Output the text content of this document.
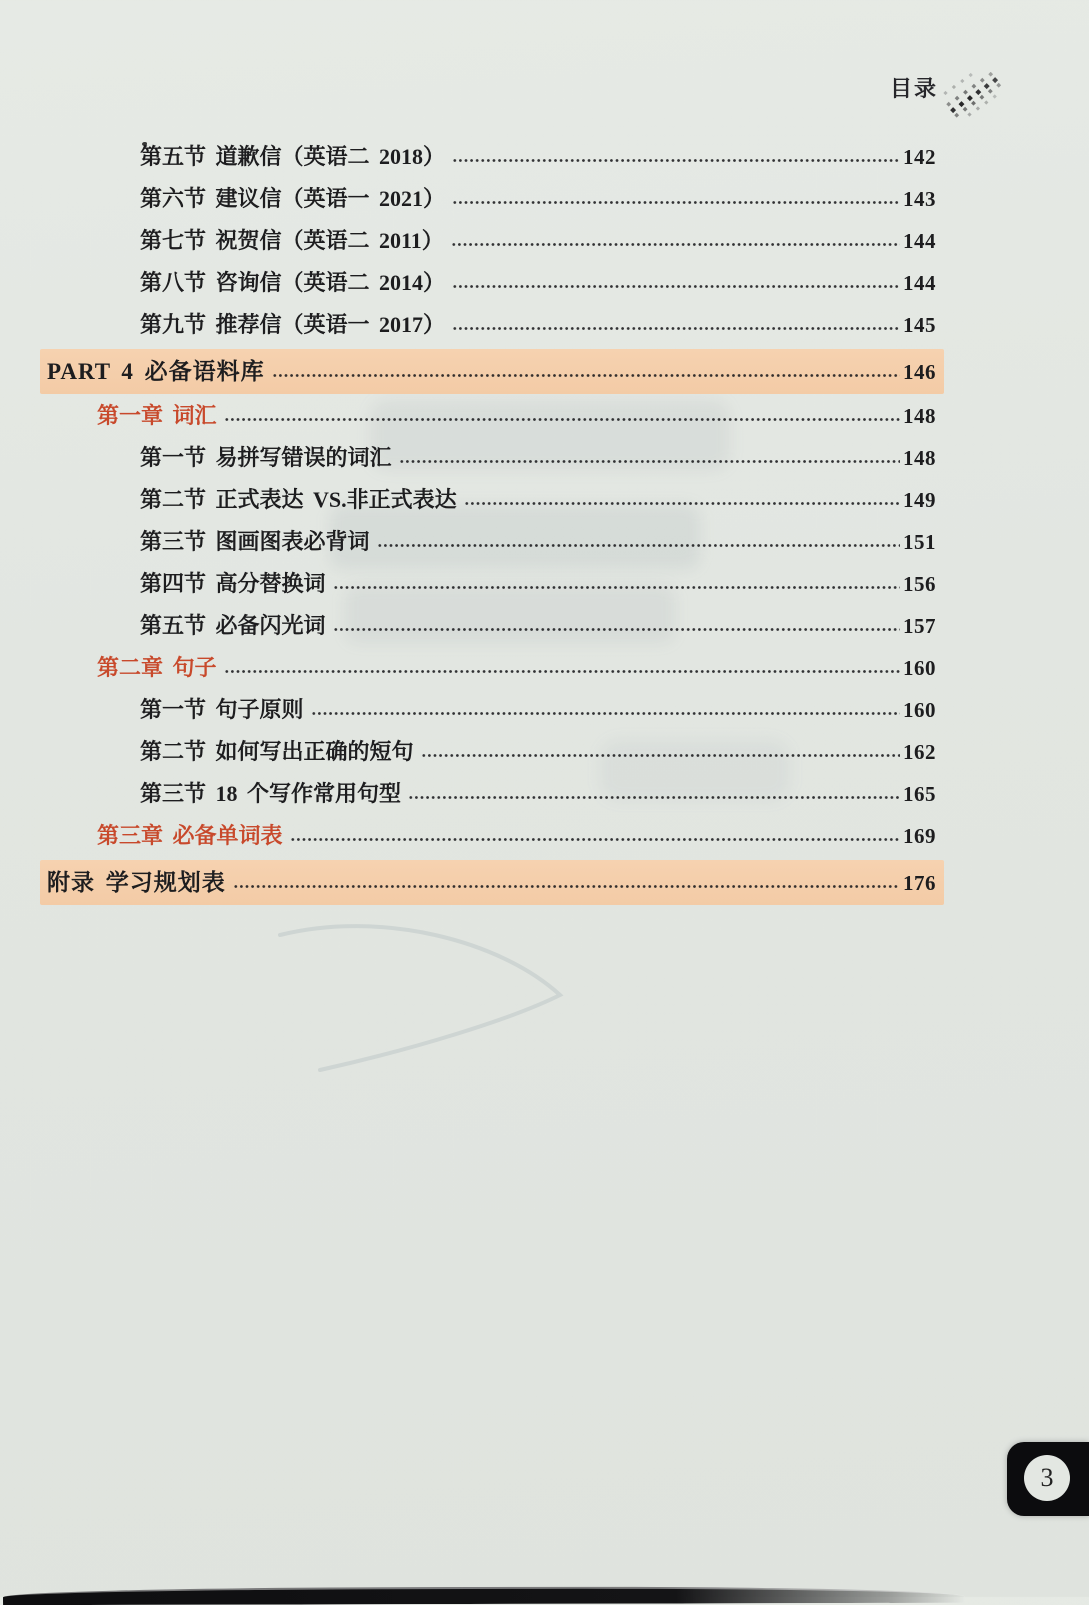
目录
第五节 道歉信（英语二 2018）	142
第六节 建议信（英语一 2021）	143
第七节 祝贺信（英语二 2011）	144
第八节 咨询信（英语二 2014）	144
第九节 推荐信（英语一 2017）	145
PART 4 必备语料库	146
第一章 词汇	148
第一节 易拼写错误的词汇	148
第二节 正式表达 VS.非正式表达	149
第三节 图画图表必背词	151
第四节 高分替换词	156
第五节 必备闪光词	157
第二章 句子	160
第一节 句子原则	160
第二节 如何写出正确的短句	162
第三节 18 个写作常用句型	165
第三章 必备单词表	169
附录 学习规划表	176
3
